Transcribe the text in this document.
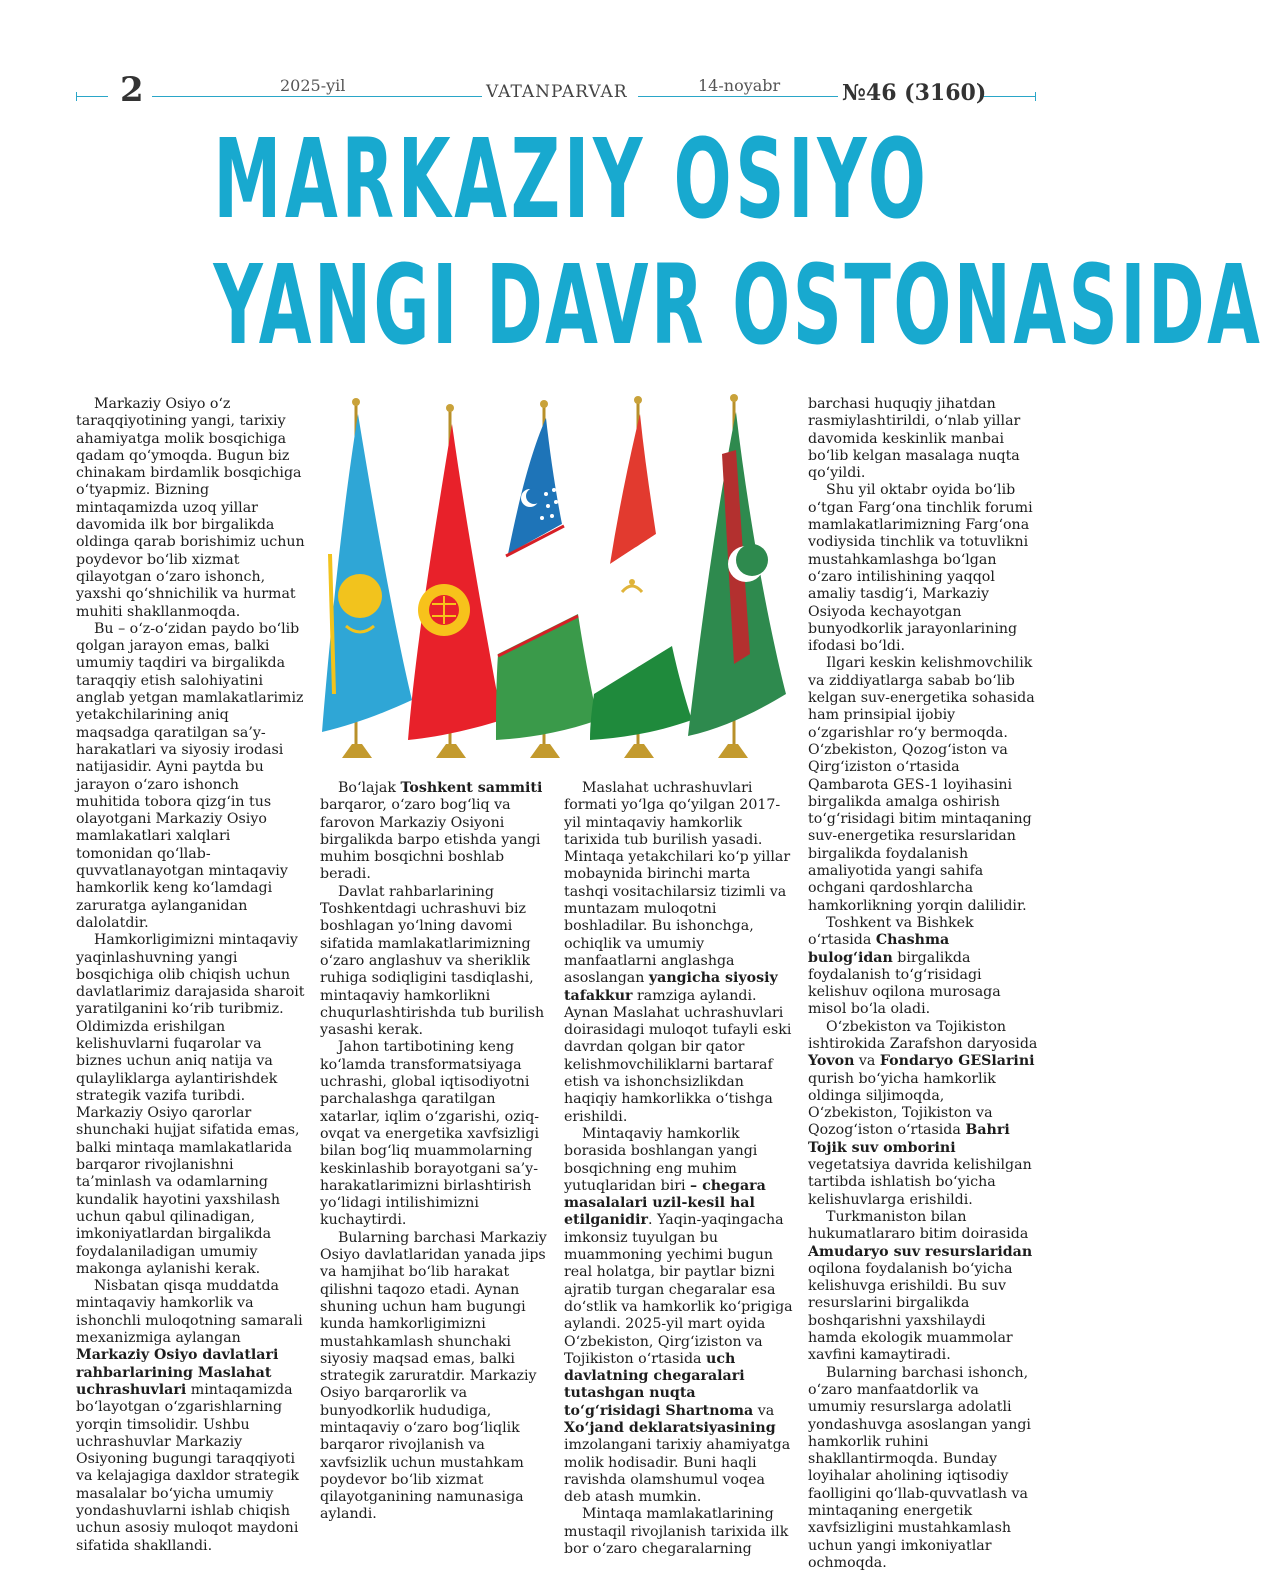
2	2025-yil	VATANPARVAR	14-noyabr	№46 (3160)
MARKAZIY OSIYO
YANGI DAVR OSTONASIDA

Markaziy Osiyo o‘z taraqqiyotining yangi, tarixiy ahamiyatga molik bosqichiga qadam qo‘ymoqda. Bugun biz chinakam birdamlik bosqichiga o‘tyapmiz. Bizning mintaqamizda uzoq yillar davomida ilk bor birgalikda oldinga qarab borishimiz uchun poydevor bo‘lib xizmat qilayotgan o‘zaro ishonch, yaxshi qo‘shnichilik va hurmat muhiti shakllanmoqda.

Bu – o‘z-o‘zidan paydo bo‘lib qolgan jarayon emas, balki umumiy taqdiri va birgalikda taraqqiy etish salohiyatini anglab yetgan mamlakatlarimiz yetakchilarining aniq maqsadga qaratilgan sa’y-harakatlari va siyosiy irodasi natijasidir. Ayni paytda bu jarayon o‘zaro ishonch muhitida tobora qizg‘in tus olayotgani Markaziy Osiyo mamlakatlari xalqlari tomonidan qo‘llab-quvvatlanayotgan mintaqaviy hamkorlik keng ko‘lamdagi zaruratga aylanganidan dalolatdir.

Hamkorligimizni mintaqaviy yaqinlashuvning yangi bosqichiga olib chiqish uchun davlatlarimiz darajasida sharoit yaratilganini ko‘rib turibmiz. Oldimizda erishilgan kelishuvlarni fuqarolar va biznes uchun aniq natija va qulayliklarga aylantirishdek strategik vazifa turibdi. Markaziy Osiyo qarorlar shunchaki hujjat sifatida emas, balki mintaqa mamlakatlarida barqaror rivojlanishni ta’minlash va odamlarning kundalik hayotini yaxshilash uchun qabul qilinadigan, imkoniyatlardan birgalikda foydalaniladigan umumiy makonga aylanishi kerak.

Nisbatan qisqa muddatda mintaqaviy hamkorlik va ishonchli muloqotning samarali mexanizmiga aylangan Markaziy Osiyo davlatlari rahbarlarining Maslahat uchrashuvlari mintaqamizda bo‘layotgan o‘zgarishlarning yorqin timsolidir. Ushbu uchrashuvlar Markaziy Osiyoning bugungi taraqqiyoti va kelajagiga daxldor strategik masalalar bo‘yicha umumiy yondashuvlarni ishlab chiqish uchun asosiy muloqot maydoni sifatida shakllandi.

Bo‘lajak Toshkent sammiti barqaror, o‘zaro bog‘liq va farovon Markaziy Osiyoni birgalikda barpo etishda yangi muhim bosqichni boshlab beradi.

Davlat rahbarlarining Toshkentdagi uchrashuvi biz boshlagan yo‘lning davomi sifatida mamlakatlarimizning o‘zaro anglashuv va sheriklik ruhiga sodiqligini tasdiqlashi, mintaqaviy hamkorlikni chuqurlashtirishda tub burilish yasashi kerak.

Jahon tartibotining keng ko‘lamda transformatsiyaga uchrashi, global iqtisodiyotni parchalashga qaratilgan xatarlar, iqlim o‘zgarishi, oziq-ovqat va energetika xavfsizligi bilan bog‘liq muammolarning keskinlashib borayotgani sa’y-harakatlarimizni birlashtirish yo‘lidagi intilishimizni kuchaytirdi.

Bularning barchasi Markaziy Osiyo davlatlaridan yanada jips va hamjihat bo‘lib harakat qilishni taqozo etadi. Aynan shuning uchun ham bugungi kunda hamkorligimizni mustahkamlash shunchaki siyosiy maqsad emas, balki strategik zaruratdir. Markaziy Osiyo barqarorlik va bunyodkorlik hududiga, mintaqaviy o‘zaro bog‘liqlik barqaror rivojlanish va xavfsizlik uchun mustahkam poydevor bo‘lib xizmat qilayotganining namunasiga aylandi.

Maslahat uchrashuvlari formati yo‘lga qo‘yilgan 2017-yil mintaqaviy hamkorlik tarixida tub burilish yasadi. Mintaqa yetakchilari ko‘p yillar mobaynida birinchi marta tashqi vositachilarsiz tizimli va muntazam muloqotni boshladilar. Bu ishonchga, ochiqlik va umumiy manfaatlarni anglashga asoslangan yangicha siyosiy tafakkur ramziga aylandi. Aynan Maslahat uchrashuvlari doirasidagi muloqot tufayli eski davrdan qolgan bir qator kelishmovchiliklarni bartaraf etish va ishonchsizlikdan haqiqiy hamkorlikka o‘tishga erishildi.

Mintaqaviy hamkorlik borasida boshlangan yangi bosqichning eng muhim yutuqlaridan biri – chegara masalalari uzil-kesil hal etilganidir. Yaqin-yaqingacha imkonsiz tuyulgan bu muammoning yechimi bugun real holatga, bir paytlar bizni ajratib turgan chegaralar esa do‘stlik va hamkorlik ko‘prigiga aylandi. 2025-yil mart oyida O‘zbekiston, Qirg‘iziston va Tojikiston o‘rtasida uch davlatning chegaralari tutashgan nuqta to‘g‘risidagi Shartnoma va Xo‘jand deklaratsiyasining imzolangani tarixiy ahamiyatga molik hodisadir. Buni haqli ravishda olamshumul voqea deb atash mumkin.

Mintaqa mamlakatlarining mustaqil rivojlanish tarixida ilk bor o‘zaro chegaralarning

barchasi huquqiy jihatdan rasmiylashtirildi, o‘nlab yillar davomida keskinlik manbai bo‘lib kelgan masalaga nuqta qo‘yildi.

Shu yil oktabr oyida bo‘lib o‘tgan Farg‘ona tinchlik forumi mamlakatlarimizning Farg‘ona vodiysida tinchlik va totuvlikni mustahkamlashga bo‘lgan o‘zaro intilishining yaqqol amaliy tasdig‘i, Markaziy Osiyoda kechayotgan bunyodkorlik jarayonlarining ifodasi bo‘ldi.

Ilgari keskin kelishmovchilik va ziddiyatlarga sabab bo‘lib kelgan suv-energetika sohasida ham prinsipial ijobiy o‘zgarishlar ro‘y bermoqda. O‘zbekiston, Qozog‘iston va Qirg‘iziston o‘rtasida Qambarota GES-1 loyihasini birgalikda amalga oshirish to‘g‘risidagi bitim mintaqaning suv-energetika resurslaridan birgalikda foydalanish amaliyotida yangi sahifa ochgani qardoshlarcha hamkorlikning yorqin dalilidir.

Toshkent va Bishkek o‘rtasida Chashma bulog‘idan birgalikda foydalanish to‘g‘risidagi kelishuv oqilona murosaga misol bo‘la oladi.

O‘zbekiston va Tojikiston ishtirokida Zarafshon daryosida Yovon va Fondaryo GESlarini qurish bo‘yicha hamkorlik oldinga siljimoqda, O‘zbekiston, Tojikiston va Qozog‘iston o‘rtasida Bahri Tojik suv omborini vegetatsiya davrida kelishilgan tartibda ishlatish bo‘yicha kelishuvlarga erishildi.

Turkmaniston bilan hukumatlararo bitim doirasida Amudaryo suv resurslaridan oqilona foydalanish bo‘yicha kelishuvga erishildi. Bu suv resurslarini birgalikda boshqarishni yaxshilaydi hamda ekologik muammolar xavfini kamaytiradi.

Bularning barchasi ishonch, o‘zaro manfaatdorlik va umumiy resurslarga adolatli yondashuvga asoslangan yangi hamkorlik ruhini shakllantirmoqda. Bunday loyihalar aholining iqtisodiy faolligini qo‘llab-quvvatlash va mintaqaning energetik xavfsizligini mustahkamlash uchun yangi imkoniyatlar ochmoqda.
